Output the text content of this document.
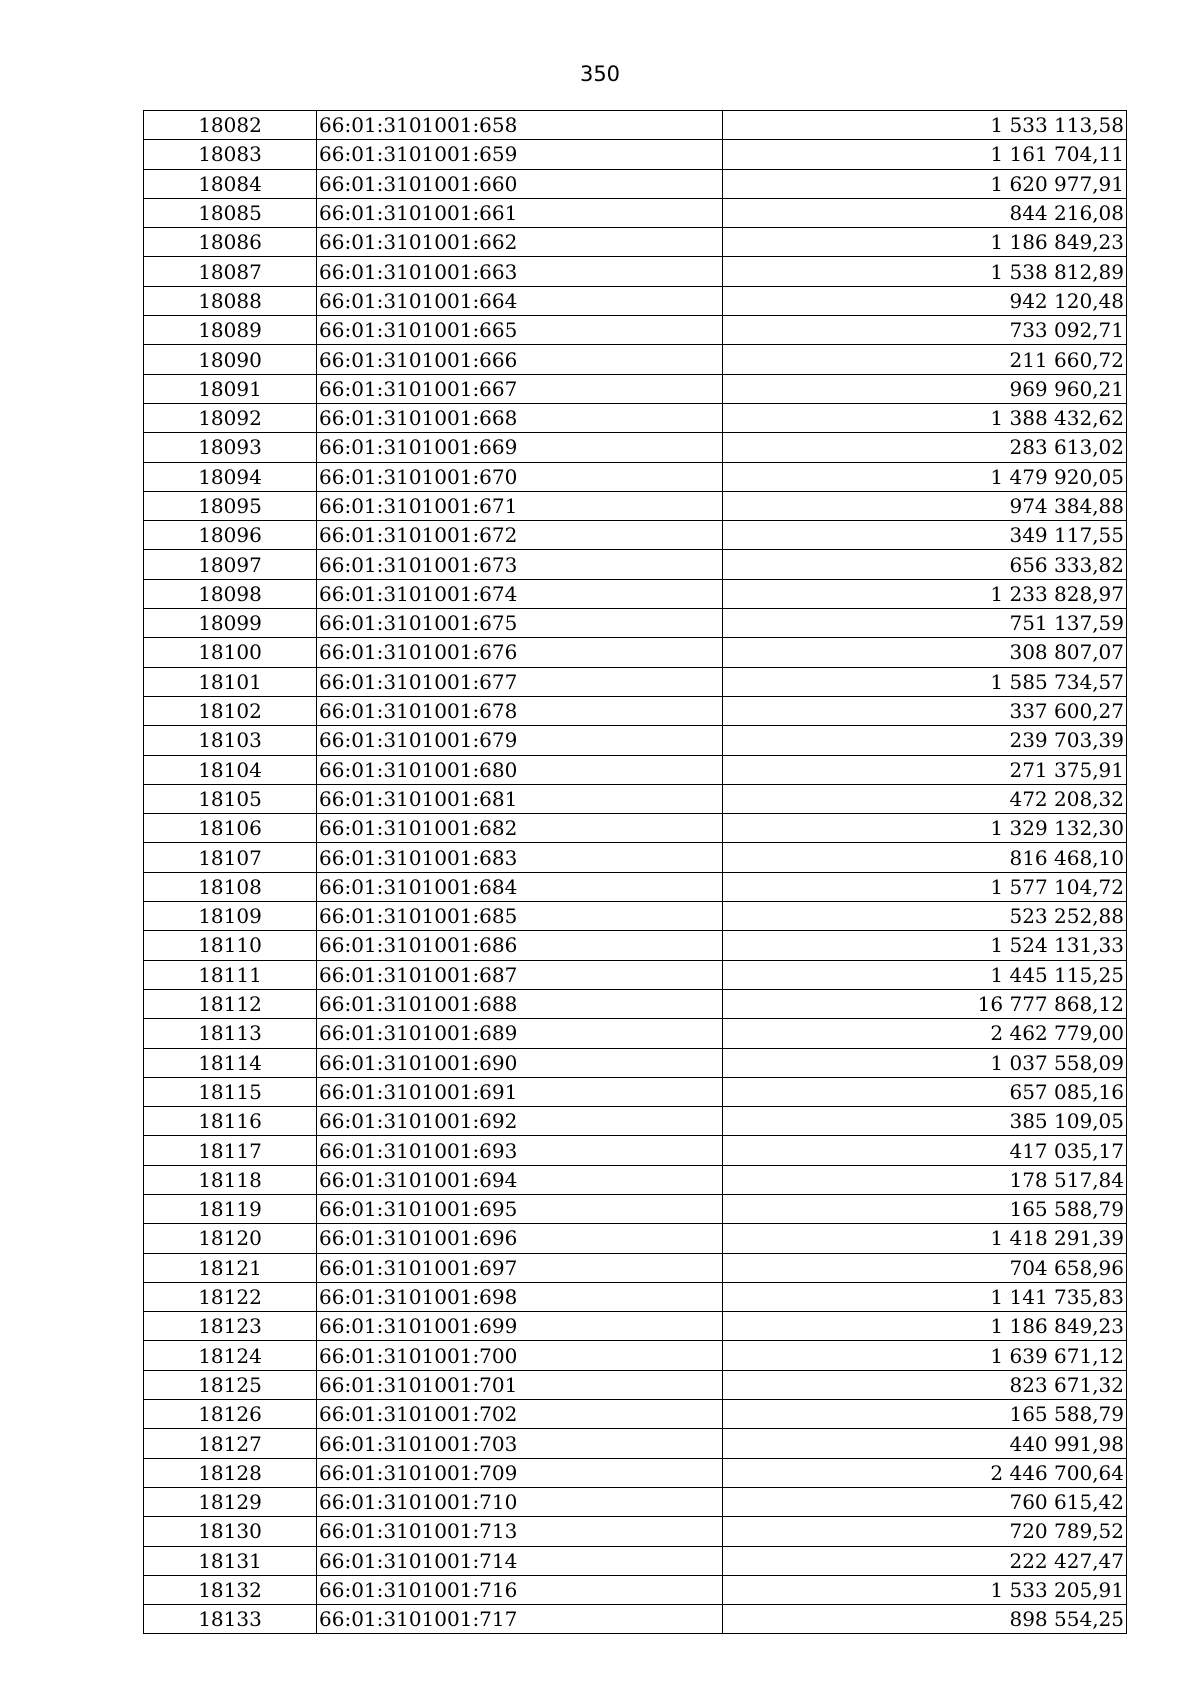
350
18082	66:01:3101001:658	1 533 113,58
18083	66:01:3101001:659	1 161 704,11
18084	66:01:3101001:660	1 620 977,91
18085	66:01:3101001:661	844 216,08
18086	66:01:3101001:662	1 186 849,23
18087	66:01:3101001:663	1 538 812,89
18088	66:01:3101001:664	942 120,48
18089	66:01:3101001:665	733 092,71
18090	66:01:3101001:666	211 660,72
18091	66:01:3101001:667	969 960,21
18092	66:01:3101001:668	1 388 432,62
18093	66:01:3101001:669	283 613,02
18094	66:01:3101001:670	1 479 920,05
18095	66:01:3101001:671	974 384,88
18096	66:01:3101001:672	349 117,55
18097	66:01:3101001:673	656 333,82
18098	66:01:3101001:674	1 233 828,97
18099	66:01:3101001:675	751 137,59
18100	66:01:3101001:676	308 807,07
18101	66:01:3101001:677	1 585 734,57
18102	66:01:3101001:678	337 600,27
18103	66:01:3101001:679	239 703,39
18104	66:01:3101001:680	271 375,91
18105	66:01:3101001:681	472 208,32
18106	66:01:3101001:682	1 329 132,30
18107	66:01:3101001:683	816 468,10
18108	66:01:3101001:684	1 577 104,72
18109	66:01:3101001:685	523 252,88
18110	66:01:3101001:686	1 524 131,33
18111	66:01:3101001:687	1 445 115,25
18112	66:01:3101001:688	16 777 868,12
18113	66:01:3101001:689	2 462 779,00
18114	66:01:3101001:690	1 037 558,09
18115	66:01:3101001:691	657 085,16
18116	66:01:3101001:692	385 109,05
18117	66:01:3101001:693	417 035,17
18118	66:01:3101001:694	178 517,84
18119	66:01:3101001:695	165 588,79
18120	66:01:3101001:696	1 418 291,39
18121	66:01:3101001:697	704 658,96
18122	66:01:3101001:698	1 141 735,83
18123	66:01:3101001:699	1 186 849,23
18124	66:01:3101001:700	1 639 671,12
18125	66:01:3101001:701	823 671,32
18126	66:01:3101001:702	165 588,79
18127	66:01:3101001:703	440 991,98
18128	66:01:3101001:709	2 446 700,64
18129	66:01:3101001:710	760 615,42
18130	66:01:3101001:713	720 789,52
18131	66:01:3101001:714	222 427,47
18132	66:01:3101001:716	1 533 205,91
18133	66:01:3101001:717	898 554,25
